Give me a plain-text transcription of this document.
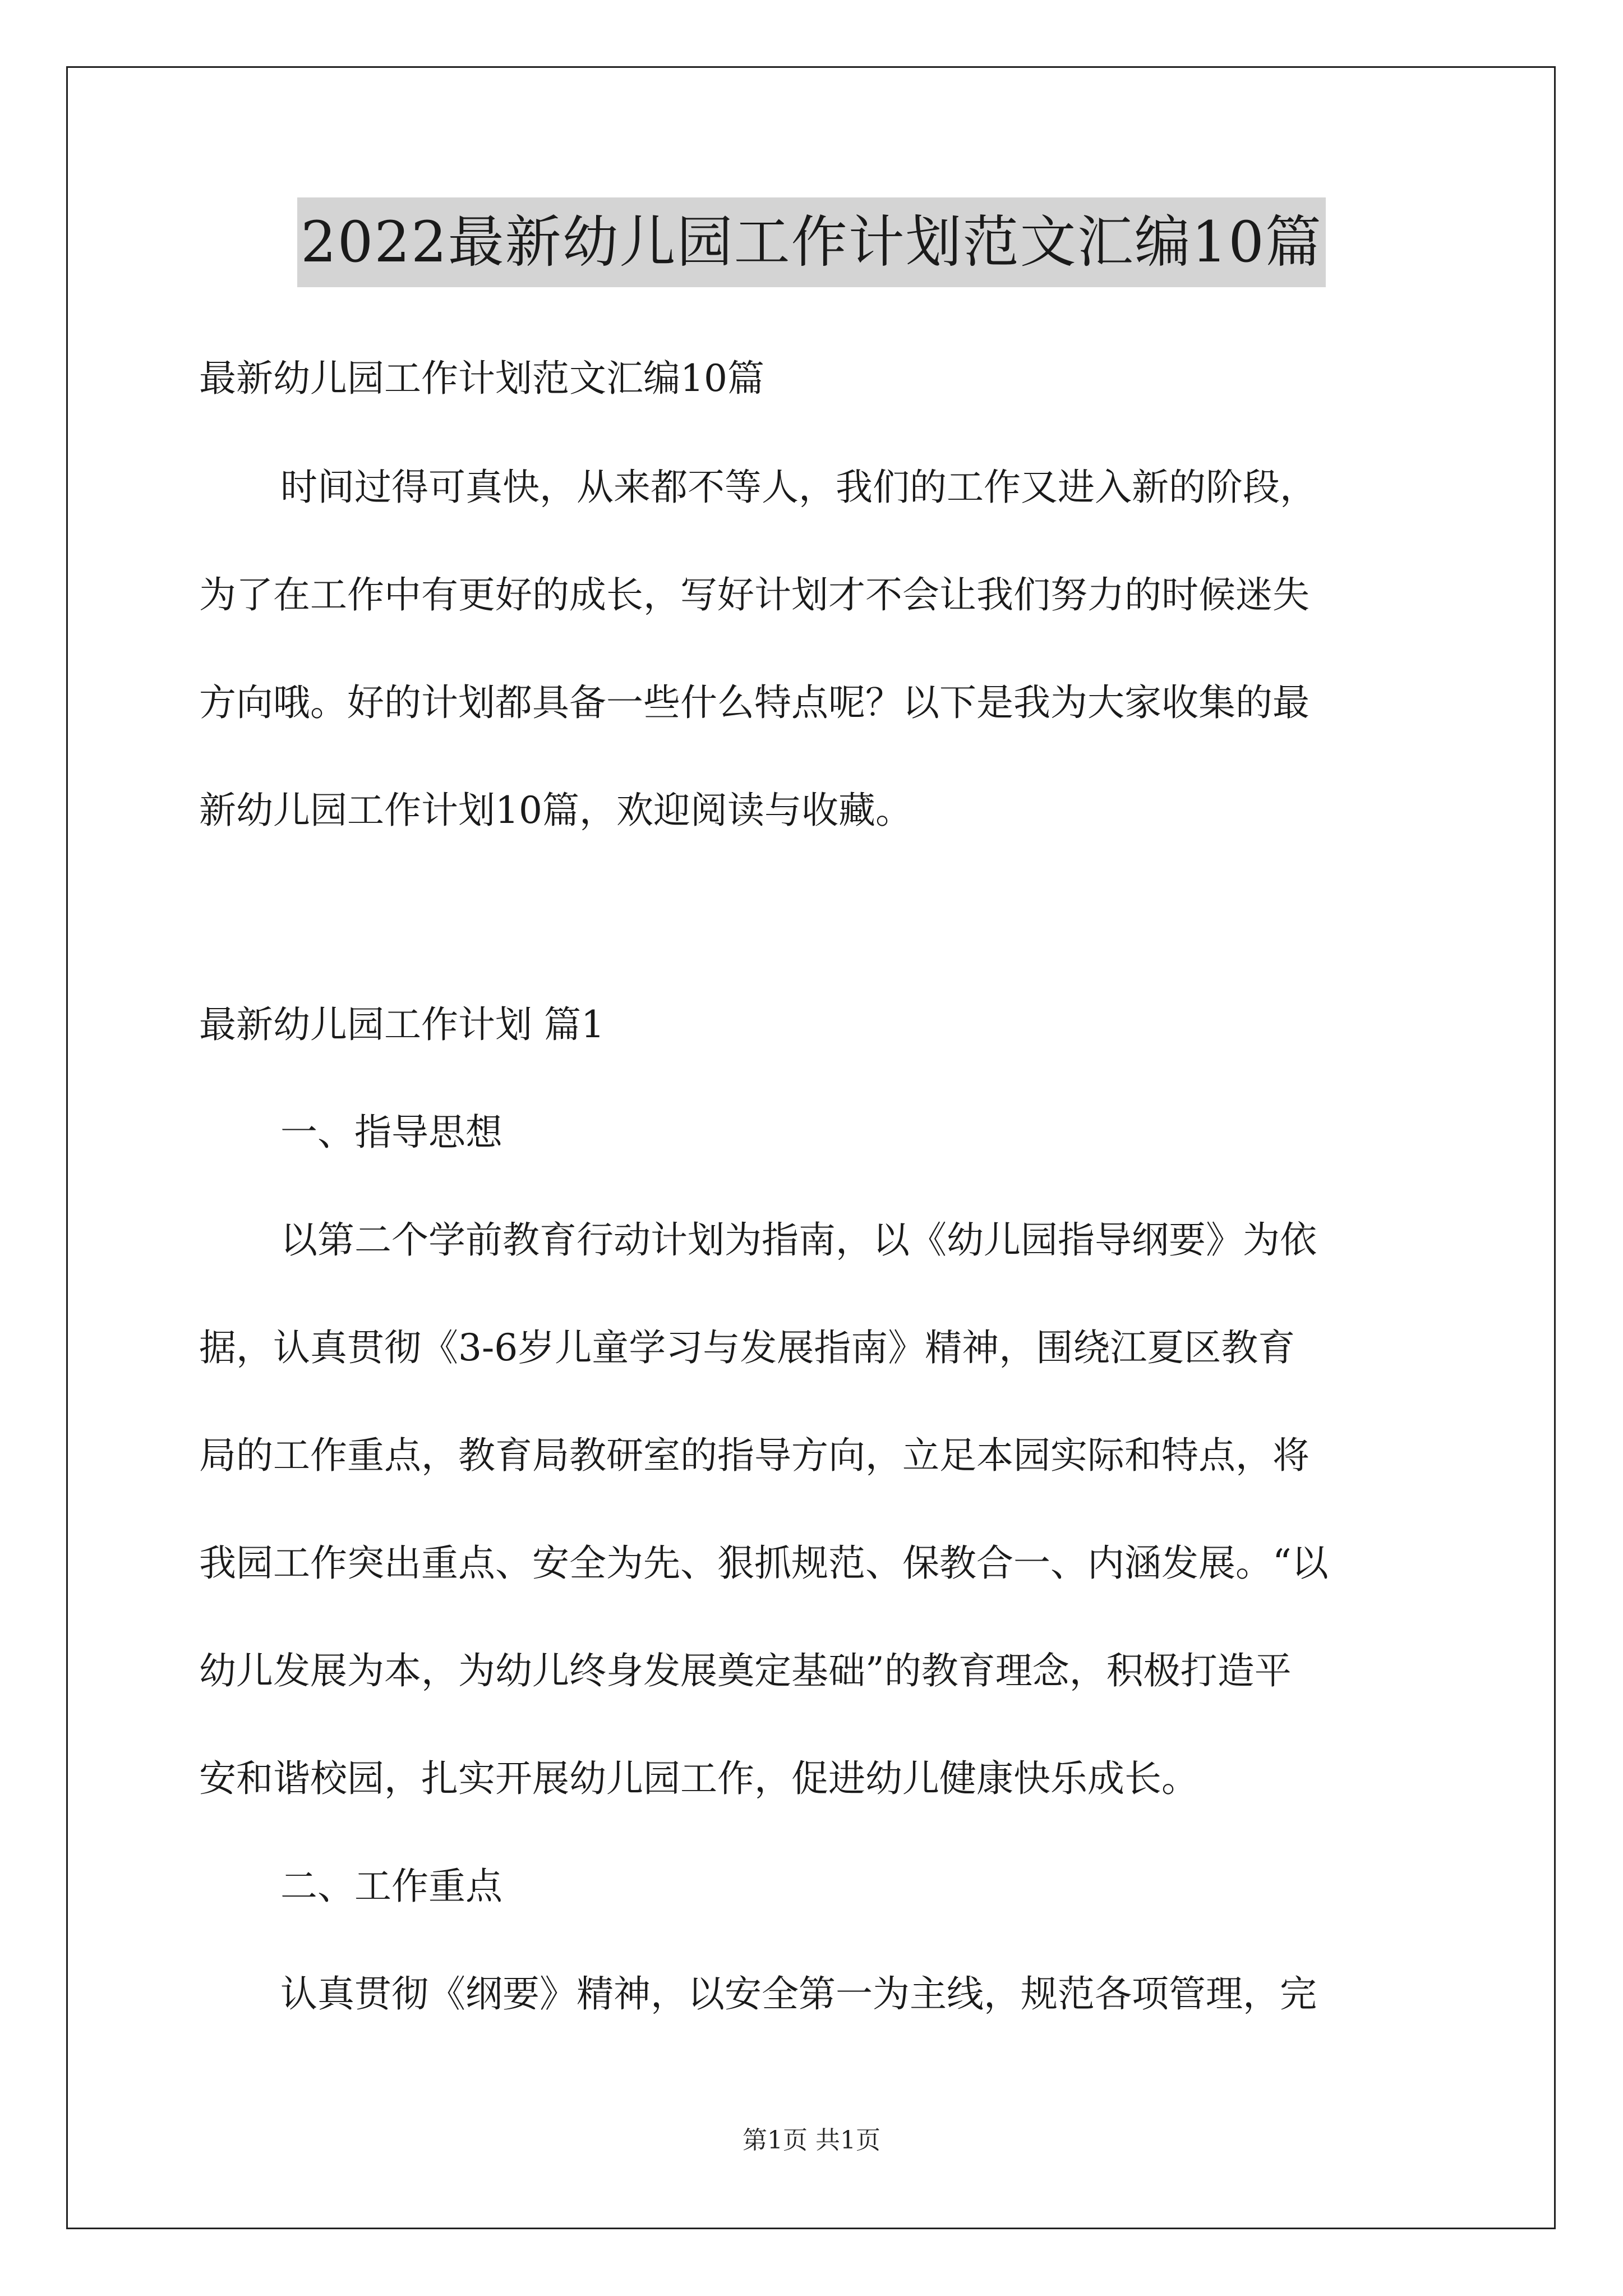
2022最新幼儿园工作计划范文汇编10篇
最新幼儿园工作计划范文汇编10篇
时间过得可真快，从来都不等人，我们的工作又进入新的阶段，
为了在工作中有更好的成长，写好计划才不会让我们努力的时候迷失
方向哦。好的计划都具备一些什么特点呢？以下是我为大家收集的最
新幼儿园工作计划10篇，欢迎阅读与收藏。
最新幼儿园工作计划 篇1
一、指导思想
以第二个学前教育行动计划为指南，以《幼儿园指导纲要》为依
据，认真贯彻《3-6岁儿童学习与发展指南》精神，围绕江夏区教育
局的工作重点，教育局教研室的指导方向，立足本园实际和特点，将
我园工作突出重点、安全为先、狠抓规范、保教合一、内涵发展。“以
幼儿发展为本，为幼儿终身发展奠定基础”的教育理念，积极打造平
安和谐校园，扎实开展幼儿园工作，促进幼儿健康快乐成长。
二、工作重点
认真贯彻《纲要》精神，以安全第一为主线，规范各项管理，完
第1页 共1页
